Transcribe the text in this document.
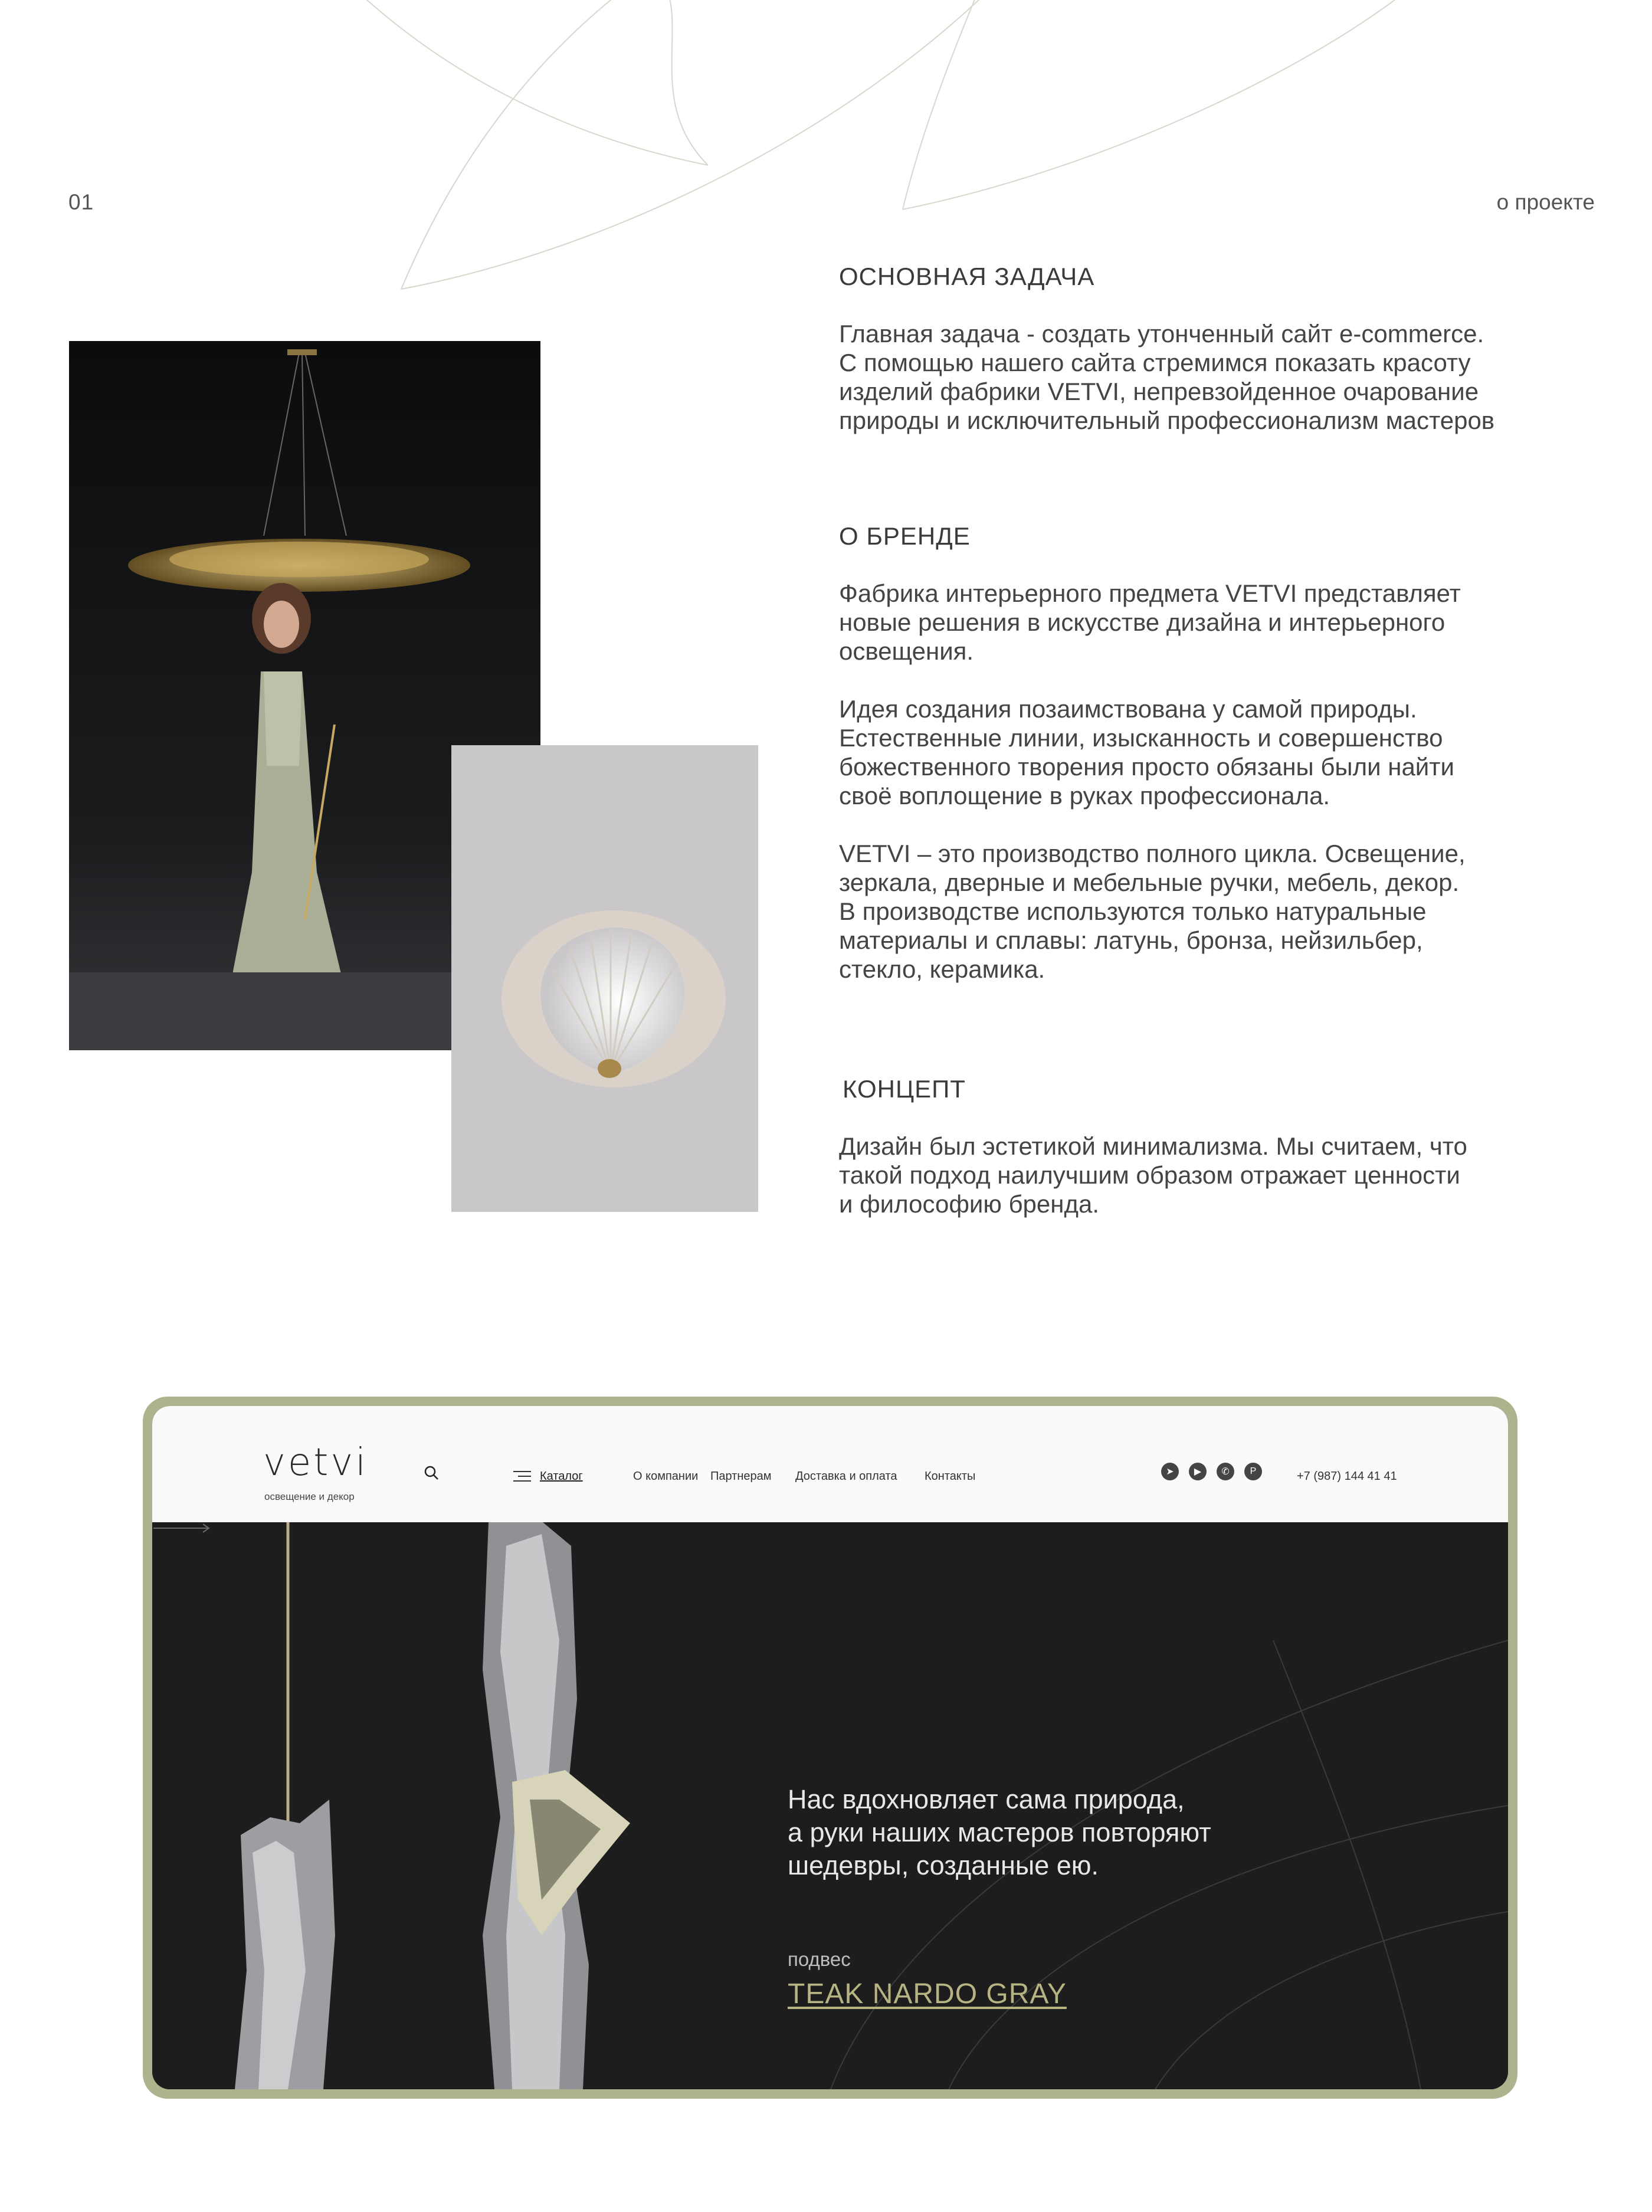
01	о проекте
ОСНОВНАЯ ЗАДАЧА

Главная задача - создать утонченный сайт e-commerce.
С помощью нашего сайта стремимся показать красоту
изделий фабрики VETVI, непревзойденное очарование
природы и исключительный профессионализм мастеров

О БРЕНДЕ

Фабрика интерьерного предмета VETVI представляет
новые решения в искусстве дизайна и интерьерного
освещения.

Идея создания позаимствована у самой природы.
Естественные линии, изысканность и совершенство
божественного творения просто обязаны были найти
своё воплощение в руках профессионала.

VETVI – это производство полного цикла. Освещение,
зеркала, дверные и мебельные ручки, мебель, декор.
В производстве используются только натуральные
материалы и сплавы: латунь, бронза, нейзильбер,
стекло, керамика.

КОНЦЕПТ

Дизайн был эстетикой минимализма. Мы считаем, что
такой подход наилучшим образом отражает ценности
и философию бренда.

vetvi
освещение и декор
Каталог	О компании Партнерам Доставка и оплата Контакты	➤	▶	✆	P	+7 (987) 144 41 41
Нас вдохновляет сама природа,
а руки наших мастеров повторяют
шедевры, созданные ею.
подвес
TEAK NARDO GRAY
